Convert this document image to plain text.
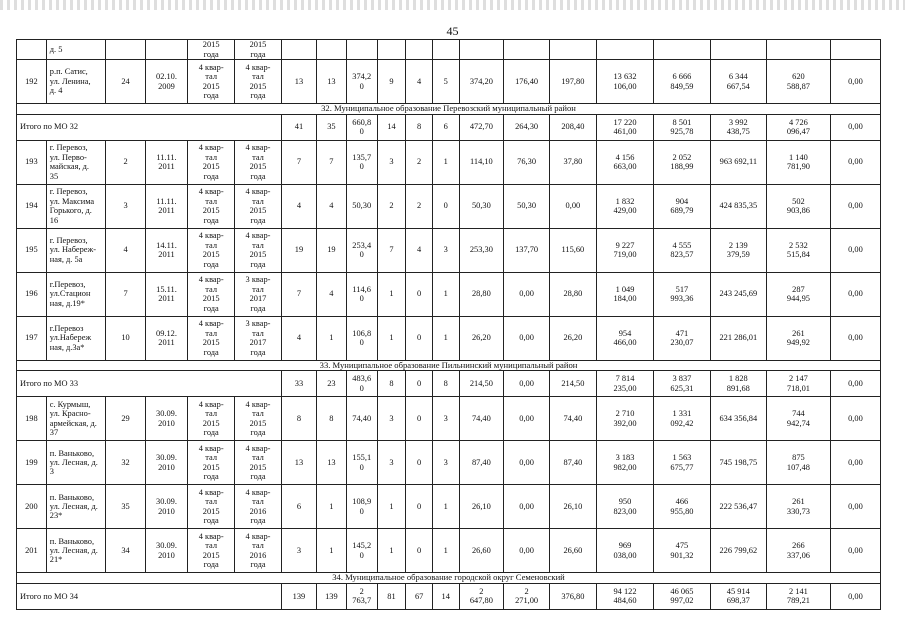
45
	д. 5			2015
года	2015
года														
192	р.п. Сатис,
ул. Ленина,
д. 4	24	02.10.
2009	4 квар-
тал
2015
года	4 квар-
тал
2015
года	13	13	374,2
0	9	4	5	374,20	176,40	197,80	13 632
106,00	6 666
849,59	6 344
667,54	620
588,87	0,00
32. Муниципальное образование Перевозский муниципальный район																			
Итого по МО 32						41	35	660,8
0	14	8	6	472,70	264,30	208,40	17 220
461,00	8 501
925,78	3 992
438,75	4 726
096,47	0,00
193	г. Перевоз,
ул. Перво-
майская, д.
35	2	11.11.
2011	4 квар-
тал
2015
года	4 квар-
тал
2015
года	7	7	135,7
0	3	2	1	114,10	76,30	37,80	4 156
663,00	2 052
188,99	963 692,11	1 140
781,90	0,00
194	г. Перевоз,
ул. Максима
Горького, д.
16	3	11.11.
2011	4 квар-
тал
2015
года	4 квар-
тал
2015
года	4	4	50,30	2	2	0	50,30	50,30	0,00	1 832
429,00	904
689,79	424 835,35	502
903,86	0,00
195	г. Перевоз,
ул. Набереж-
ная, д. 5а	4	14.11.
2011	4 квар-
тал
2015
года	4 квар-
тал
2015
года	19	19	253,4
0	7	4	3	253,30	137,70	115,60	9 227
719,00	4 555
823,57	2 139
379,59	2 532
515,84	0,00
196	г.Перевоз,
ул.Стацион
ная, д.19*	7	15.11.
2011	4 квар-
тал
2015
года	3 квар-
тал
2017
года	7	4	114,6
0	1	0	1	28,80	0,00	28,80	1 049
184,00	517
993,36	243 245,69	287
944,95	0,00
197	г.Перевоз
ул.Набереж
ная, д.3а*	10	09.12.
2011	4 квар-
тал
2015
года	3 квар-
тал
2017
года	4	1	106,8
0	1	0	1	26,20	0,00	26,20	954
466,00	471
230,07	221 286,01	261
949,92	0,00
33. Муниципальное образование Пильнинский муниципальный район																			
Итого по МО 33						33	23	483,6
0	8	0	8	214,50	0,00	214,50	7 814
235,00	3 837
625,31	1 828
891,68	2 147
718,01	0,00
198	с. Курмыш,
ул. Красно-
армейская, д.
37	29	30.09.
2010	4 квар-
тал
2015
года	4 квар-
тал
2015
года	8	8	74,40	3	0	3	74,40	0,00	74,40	2 710
392,00	1 331
092,42	634 356,84	744
942,74	0,00
199	п. Ваньково,
ул. Лесная, д.
3	32	30.09.
2010	4 квар-
тал
2015
года	4 квар-
тал
2015
года	13	13	155,1
0	3	0	3	87,40	0,00	87,40	3 183
982,00	1 563
675,77	745 198,75	875
107,48	0,00
200	п. Ваньково,
ул. Лесная, д.
23*	35	30.09.
2010	4 квар-
тал
2015
года	4 квар-
тал
2016
года	6	1	108,9
0	1	0	1	26,10	0,00	26,10	950
823,00	466
955,80	222 536,47	261
330,73	0,00
201	п. Ваньково,
ул. Лесная, д.
21*	34	30.09.
2010	4 квар-
тал
2015
года	4 квар-
тал
2016
года	3	1	145,2
0	1	0	1	26,60	0,00	26,60	969
038,00	475
901,32	226 799,62	266
337,06	0,00
34. Муниципальное образование городской округ Семеновский																			
Итого по МО 34						139	139	2
763,7	81	67	14	2
647,80	2
271,00	376,80	94 122
484,60	46 065
997,02	45 914
698,37	2 141
789,21	0,00
